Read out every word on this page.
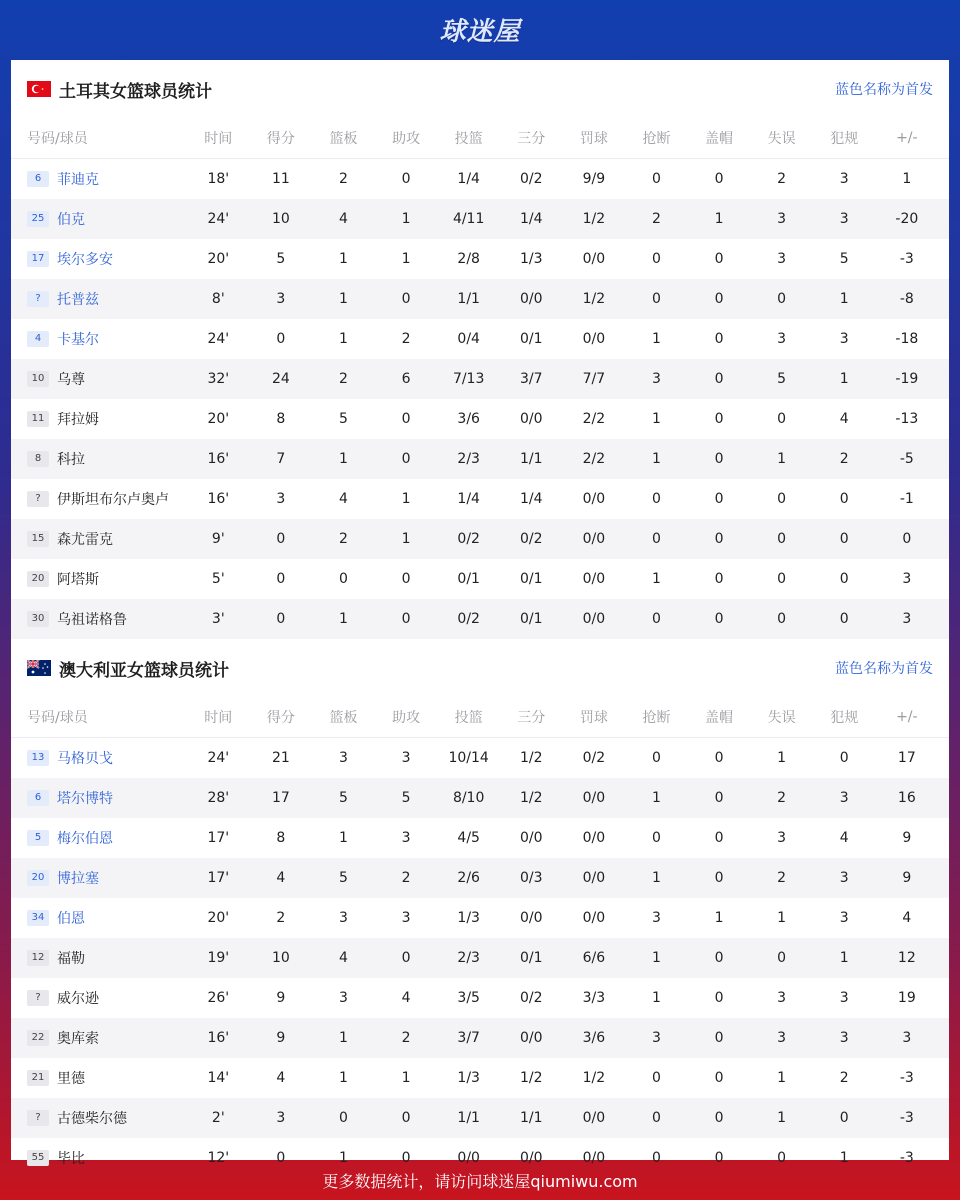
球迷屋
土耳其女篮球员统计	蓝色名称为首发
号码/球员	时间	得分	篮板	助攻	投篮	三分	罚球	抢断	盖帽	失误	犯规	+/-
6	菲迪克	18'	11	2	0	1/4	0/2	9/9	0	0	2	3	1
25 伯克	24'	10	4	1	4/11	1/4	1/2	2	1	3	3	-20
17 埃尔多安	20'	5	1	1	2/8	1/3	0/0	0	0	3	5	-3
?	托普兹	8'	3	1	0	1/1	0/0	1/2	0	0	0	1	-8
4	卡基尔	24'	0	1	2	0/4	0/1	0/0	1	0	3	3	-18
10 乌尊	32'	24	2	6	7/13	3/7	7/7	3	0	5	1	-19
11 拜拉姆	20'	8	5	0	3/6	0/0	2/2	1	0	0	4	-13
8	科拉	16'	7	1	0	2/3	1/1	2/2	1	0	1	2	-5
?	伊斯坦布尔卢奥卢	16'	3	4	1	1/4	1/4	0/0	0	0	0	0	-1
15 森尤雷克	9'	0	2	1	0/2	0/2	0/0	0	0	0	0	0
20 阿塔斯	5'	0	0	0	0/1	0/1	0/0	1	0	0	0	3
30 乌祖诺格鲁	3'	0	1	0	0/2	0/1	0/0	0	0	0	0	3
澳大利亚女篮球员统计	蓝色名称为首发
号码/球员	时间	得分	篮板	助攻	投篮	三分	罚球	抢断	盖帽	失误	犯规	+/-
13 马格贝戈	24'	21	3	3	10/14	1/2	0/2	0	0	1	0	17
6	塔尔博特	28'	17	5	5	8/10	1/2	0/0	1	0	2	3	16
5	梅尔伯恩	17'	8	1	3	4/5	0/0	0/0	0	0	3	4	9
20 博拉塞	17'	4	5	2	2/6	0/3	0/0	1	0	2	3	9
34 伯恩	20'	2	3	3	1/3	0/0	0/0	3	1	1	3	4
12 福勒	19'	10	4	0	2/3	0/1	6/6	1	0	0	1	12
?	威尔逊	26'	9	3	4	3/5	0/2	3/3	1	0	3	3	19
22 奥库索	16'	9	1	2	3/7	0/0	3/6	3	0	3	3	3
21 里德	14'	4	1	1	1/3	1/2	1/2	0	0	1	2	-3
?	古德柴尔德	2'	3	0	0	1/1	1/1	0/0	0	0	1	0	-3
55 毕比	12'	0	1	0	0/0	0/0	0/0	0	0	0	1	-3
更多数据统计，请访问球迷屋qiumiwu.com
